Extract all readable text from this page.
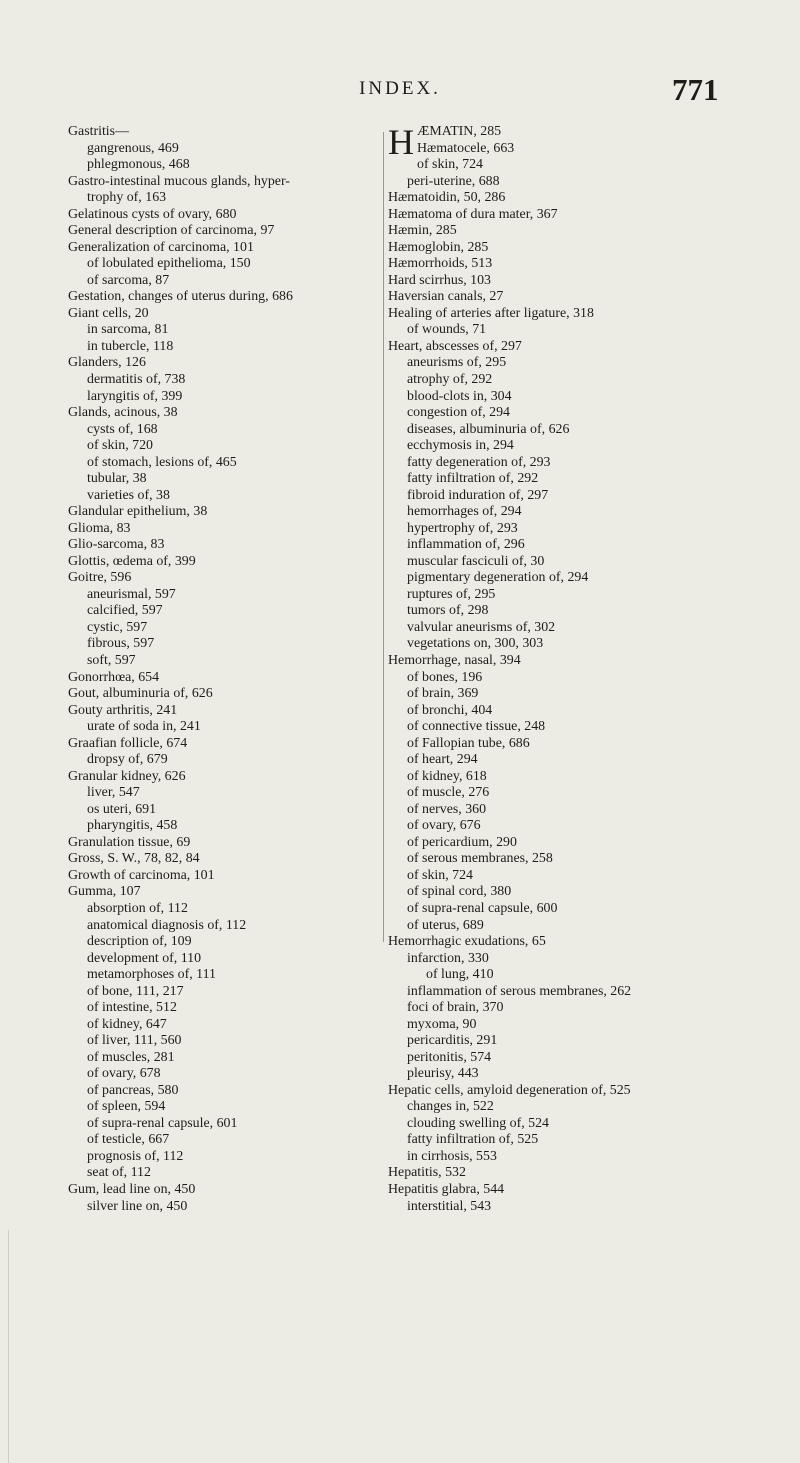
INDEX.	771
Gastritis—
gangrenous, 469
phlegmonous, 468
Gastro-intestinal mucous glands, hyper-
trophy of, 163
Gelatinous cysts of ovary, 680
General description of carcinoma, 97
Generalization of carcinoma, 101
of lobulated epithelioma, 150
of sarcoma, 87
Gestation, changes of uterus during, 686
Giant cells, 20
in sarcoma, 81
in tubercle, 118
Glanders, 126
dermatitis of, 738
laryngitis of, 399
Glands, acinous, 38
cysts of, 168
of skin, 720
of stomach, lesions of, 465
tubular, 38
varieties of, 38
Glandular epithelium, 38
Glioma, 83
Glio-sarcoma, 83
Glottis, œdema of, 399
Goitre, 596
aneurismal, 597
calcified, 597
cystic, 597
fibrous, 597
soft, 597
Gonorrhœa, 654
Gout, albuminuria of, 626
Gouty arthritis, 241
urate of soda in, 241
Graafian follicle, 674
dropsy of, 679
Granular kidney, 626
liver, 547
os uteri, 691
pharyngitis, 458
Granulation tissue, 69
Gross, S. W., 78, 82, 84
Growth of carcinoma, 101
Gumma, 107
absorption of, 112
anatomical diagnosis of, 112
description of, 109
development of, 110
metamorphoses of, 111
of bone, 111, 217
of intestine, 512
of kidney, 647
of liver, 111, 560
of muscles, 281
of ovary, 678
of pancreas, 580
of spleen, 594
of supra-renal capsule, 601
of testicle, 667
prognosis of, 112
seat of, 112
Gum, lead line on, 450
silver line on, 450
H ÆMATIN, 285
Hæmatocele, 663
of skin, 724
peri-uterine, 688
Hæmatoidin, 50, 286
Hæmatoma of dura mater, 367
Hæmin, 285
Hæmoglobin, 285
Hæmorrhoids, 513
Hard scirrhus, 103
Haversian canals, 27
Healing of arteries after ligature, 318
of wounds, 71
Heart, abscesses of, 297
aneurisms of, 295
atrophy of, 292
blood-clots in, 304
congestion of, 294
diseases, albuminuria of, 626
ecchymosis in, 294
fatty degeneration of, 293
fatty infiltration of, 292
fibroid induration of, 297
hemorrhages of, 294
hypertrophy of, 293
inflammation of, 296
muscular fasciculi of, 30
pigmentary degeneration of, 294
ruptures of, 295
tumors of, 298
valvular aneurisms of, 302
vegetations on, 300, 303
Hemorrhage, nasal, 394
of bones, 196
of brain, 369
of bronchi, 404
of connective tissue, 248
of Fallopian tube, 686
of heart, 294
of kidney, 618
of muscle, 276
of nerves, 360
of ovary, 676
of pericardium, 290
of serous membranes, 258
of skin, 724
of spinal cord, 380
of supra-renal capsule, 600
of uterus, 689
Hemorrhagic exudations, 65
infarction, 330
of lung, 410
inflammation of serous membranes, 262
foci of brain, 370
myxoma, 90
pericarditis, 291
peritonitis, 574
pleurisy, 443
Hepatic cells, amyloid degeneration of, 525
changes in, 522
clouding swelling of, 524
fatty infiltration of, 525
in cirrhosis, 553
Hepatitis, 532
Hepatitis glabra, 544
interstitial, 543
